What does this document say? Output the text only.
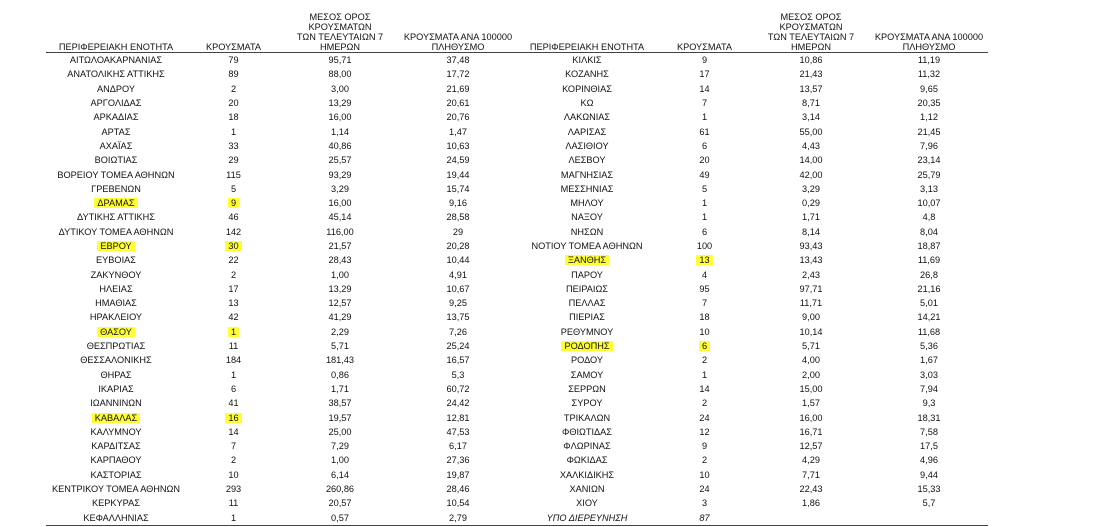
ΠΕΡΙΦΕΡΕΙΑΚΗ ΕΝΟΤΗΤΑ	ΚΡΟΥΣΜΑΤΑ	ΜΕΣΟΣ ΟΡΟΣ ΚΡΟΥΣΜΑΤΩΝ
ΤΩΝ ΤΕΛΕΥΤΑΙΩΝ 7
ΗΜΕΡΩΝ	ΚΡΟΥΣΜΑΤΑ ΑΝΑ 100000
ΠΛΗΘΥΣΜΟ	ΠΕΡΙΦΕΡΕΙΑΚΗ ΕΝΟΤΗΤΑ	ΚΡΟΥΣΜΑΤΑ	ΜΕΣΟΣ ΟΡΟΣ ΚΡΟΥΣΜΑΤΩΝ
ΤΩΝ ΤΕΛΕΥΤΑΙΩΝ 7
ΗΜΕΡΩΝ	ΚΡΟΥΣΜΑΤΑ ΑΝΑ 100000
ΠΛΗΘΥΣΜΟ
ΑΙΤΩΛΟΑΚΑΡΝΑΝΙΑΣ	79	95,71	37,48	ΚΙΛΚΙΣ	9	10,86	11,19
ΑΝΑΤΟΛΙΚΗΣ ΑΤΤΙΚΗΣ	89	88,00	17,72	ΚΟΖΑΝΗΣ	17	21,43	11,32
ΑΝΔΡΟΥ	2	3,00	21,69	ΚΟΡΙΝΘΙΑΣ	14	13,57	9,65
ΑΡΓΟΛΙΔΑΣ	20	13,29	20,61	ΚΩ	7	8,71	20,35
ΑΡΚΑΔΙΑΣ	18	16,00	20,76	ΛΑΚΩΝΙΑΣ	1	3,14	1,12
ΑΡΤΑΣ	1	1,14	1,47	ΛΑΡΙΣΑΣ	61	55,00	21,45
ΑΧΑΪΑΣ	33	40,86	10,63	ΛΑΣΙΘΙΟΥ	6	4,43	7,96
ΒΟΙΩΤΙΑΣ	29	25,57	24,59	ΛΕΣΒΟΥ	20	14,00	23,14
ΒΟΡΕΙΟΥ ΤΟΜΕΑ ΑΘΗΝΩΝ	115	93,29	19,44	ΜΑΓΝΗΣΙΑΣ	49	42,00	25,79
ΓΡΕΒΕΝΩΝ	5	3,29	15,74	ΜΕΣΣΗΝΙΑΣ	5	3,29	3,13
ΔΡΑΜΑΣ	9	16,00	9,16	ΜΗΛΟΥ	1	0,29	10,07
ΔΥΤΙΚΗΣ ΑΤΤΙΚΗΣ	46	45,14	28,58	ΝΑΞΟΥ	1	1,71	4,8
ΔΥΤΙΚΟΥ ΤΟΜΕΑ ΑΘΗΝΩΝ	142	116,00	29	ΝΗΣΩΝ	6	8,14	8,04
ΕΒΡΟΥ	30	21,57	20,28	ΝΟΤΙΟΥ ΤΟΜΕΑ ΑΘΗΝΩΝ	100	93,43	18,87
ΕΥΒΟΙΑΣ	22	28,43	10,44	ΞΑΝΘΗΣ	13	13,43	11,69
ΖΑΚΥΝΘΟΥ	2	1,00	4,91	ΠΑΡΟΥ	4	2,43	26,8
ΗΛΕΙΑΣ	17	13,29	10,67	ΠΕΙΡΑΙΩΣ	95	97,71	21,16
ΗΜΑΘΙΑΣ	13	12,57	9,25	ΠΕΛΛΑΣ	7	11,71	5,01
ΗΡΑΚΛΕΙΟΥ	42	41,29	13,75	ΠΙΕΡΙΑΣ	18	9,00	14,21
ΘΑΣΟΥ	1	2,29	7,26	ΡΕΘΥΜΝΟΥ	10	10,14	11,68
ΘΕΣΠΡΩΤΙΑΣ	11	5,71	25,24	ΡΟΔΟΠΗΣ	6	5,71	5,36
ΘΕΣΣΑΛΟΝΙΚΗΣ	184	181,43	16,57	ΡΟΔΟΥ	2	4,00	1,67
ΘΗΡΑΣ	1	0,86	5,3	ΣΑΜΟΥ	1	2,00	3,03
ΙΚΑΡΙΑΣ	6	1,71	60,72	ΣΕΡΡΩΝ	14	15,00	7,94
ΙΩΑΝΝΙΝΩΝ	41	38,57	24,42	ΣΥΡΟΥ	2	1,57	9,3
ΚΑΒΑΛΑΣ	16	19,57	12,81	ΤΡΙΚΑΛΩΝ	24	16,00	18,31
ΚΑΛΥΜΝΟΥ	14	25,00	47,53	ΦΘΙΩΤΙΔΑΣ	12	16,71	7,58
ΚΑΡΔΙΤΣΑΣ	7	7,29	6,17	ΦΛΩΡΙΝΑΣ	9	12,57	17,5
ΚΑΡΠΑΘΟΥ	2	1,00	27,36	ΦΩΚΙΔΑΣ	2	4,29	4,96
ΚΑΣΤΟΡΙΑΣ	10	6,14	19,87	ΧΑΛΚΙΔΙΚΗΣ	10	7,71	9,44
ΚΕΝΤΡΙΚΟΥ ΤΟΜΕΑ ΑΘΗΝΩΝ	293	260,86	28,46	ΧΑΝΙΩΝ	24	22,43	15,33
ΚΕΡΚΥΡΑΣ	11	20,57	10,54	ΧΙΟΥ	3	1,86	5,7
ΚΕΦΑΛΛΗΝΙΑΣ	1	0,57	2,79	ΥΠΟ ΔΙΕΡΕΥΝΗΣΗ	87		
